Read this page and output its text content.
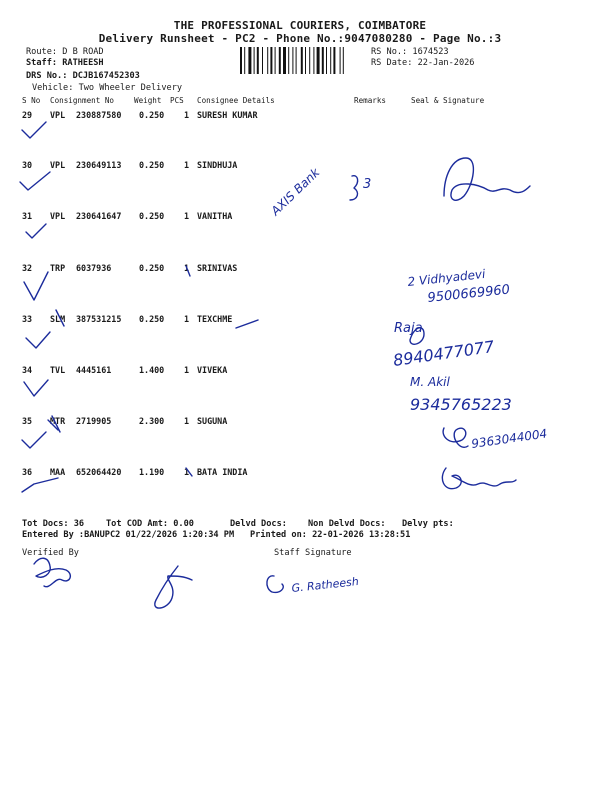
THE PROFESSIONAL COURIERS, COIMBATORE
Delivery Runsheet - PC2 - Phone No.:9047080280 - Page No.:3
Route: D B ROAD
Staff: RATHEESH
DRS No.: DCJB167452303
Vehicle: Two Wheeler Delivery
RS No.: 1674523
RS Date: 22-Jan-2026
S No Consignment No	Weight PCS Consignee Details	Remarks	Seal & Signature
29 VPL 230887580 0.250 1 SURESH KUMAR
30 VPL 230649113 0.250 1 SINDHUJA
31 VPL 230641647 0.250 1 VANITHA
32 TRP 6037936	0.250 1 SRINIVAS
33 SLM 387531215 0.250 1 TEXCHME
34 TVL 4445161	1.400 1 VIVEKA
35 MTR 2719905	2.300 1 SUGUNA
36 MAA 652064420 1.190 1 BATA INDIA
Tot Docs: 36	Tot COD Amt: 0.00	Delvd Docs: Non Delvd Docs: Delvy pts:
Entered By :BANUPC2 01/22/2026 1:20:34 PM Printed on: 22-01-2026 13:28:51
Verified By	Staff Signature
AXIS Bank	3
2 Vidhyadevi
9500669960
Raja
8940477077
M. Akil
9345765223
9363044004
G. Ratheesh
